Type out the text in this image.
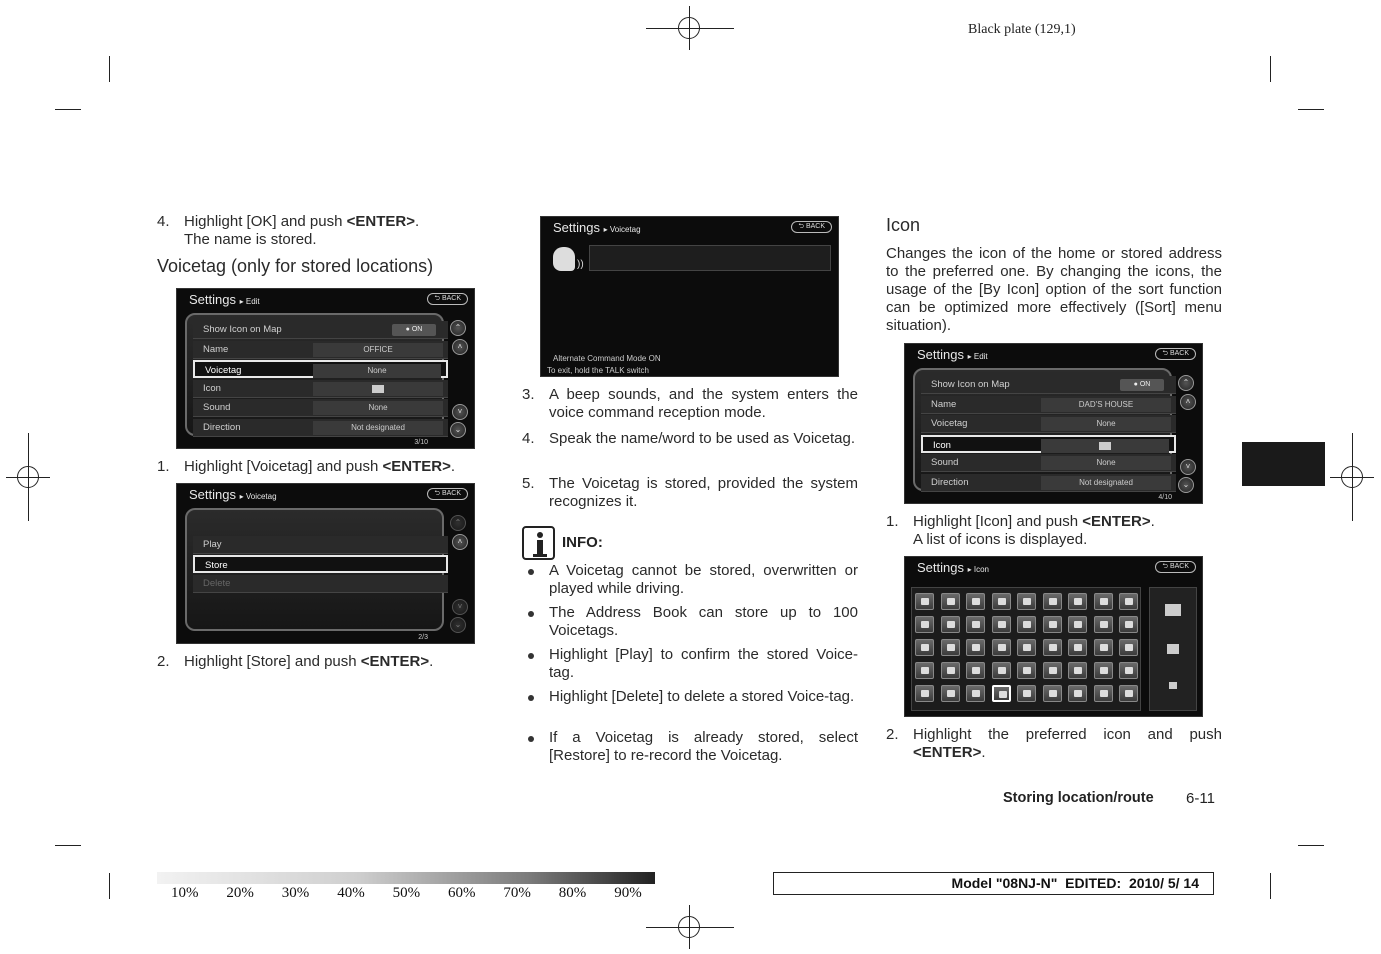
Black plate (129,1)
4. Highlight [OK] and push <ENTER>.
The name is stored.
Voicetag (only for stored locations)
Settings ▸ Edit	⮌ BACK
Show Icon on Map	● ON
Name	OFFICE
Voicetag	None
Icon
Sound	None
Direction	Not designated
⌃
˄
˅
⌄
3/10
1. Highlight [Voicetag] and push <ENTER>.
Settings ▸ Voicetag	⮌ BACK
Play
Store
Delete
⌃
˄
˅
⌄
2/3
2. Highlight [Store] and push <ENTER>.
Settings ▸ Voicetag	⮌ BACK
))
Alternate Command Mode ON
To exit, hold the TALK switch
3. A beep sounds, and the system enters the voice command reception mode.
4. Speak the name/word to be used as Voicetag.
5. The Voicetag is stored, provided the system recognizes it.
INFO:
A Voicetag cannot be stored, overwritten or played while driving.
The Address Book can store up to 100 Voicetags.
Highlight [Play] to confirm the stored Voice-tag.
Highlight [Delete] to delete a stored Voice-tag.
If a Voicetag is already stored, select [Restore] to re-record the Voicetag.
Icon
Changes the icon of the home or stored address to the preferred one. By changing the icons, the usage of the [By Icon] option of the sort function can be optimized more effectively ([Sort] menu situation).
Settings ▸ Edit	⮌ BACK
Show Icon on Map	● ON
Name	DAD'S HOUSE
Voicetag	None
Icon
Sound	None
Direction	Not designated
⌃
˄
˅
⌄
4/10
1. Highlight [Icon] and push <ENTER>.
A list of icons is displayed.
Settings ▸ Icon	⮌ BACK
2. Highlight the preferred icon and push <ENTER>.
Storing location/route 6-11
10% 20% 30% 40% 50% 60% 70% 80% 90%
Model "08NJ-N"  EDITED:  2010/ 5/ 14
